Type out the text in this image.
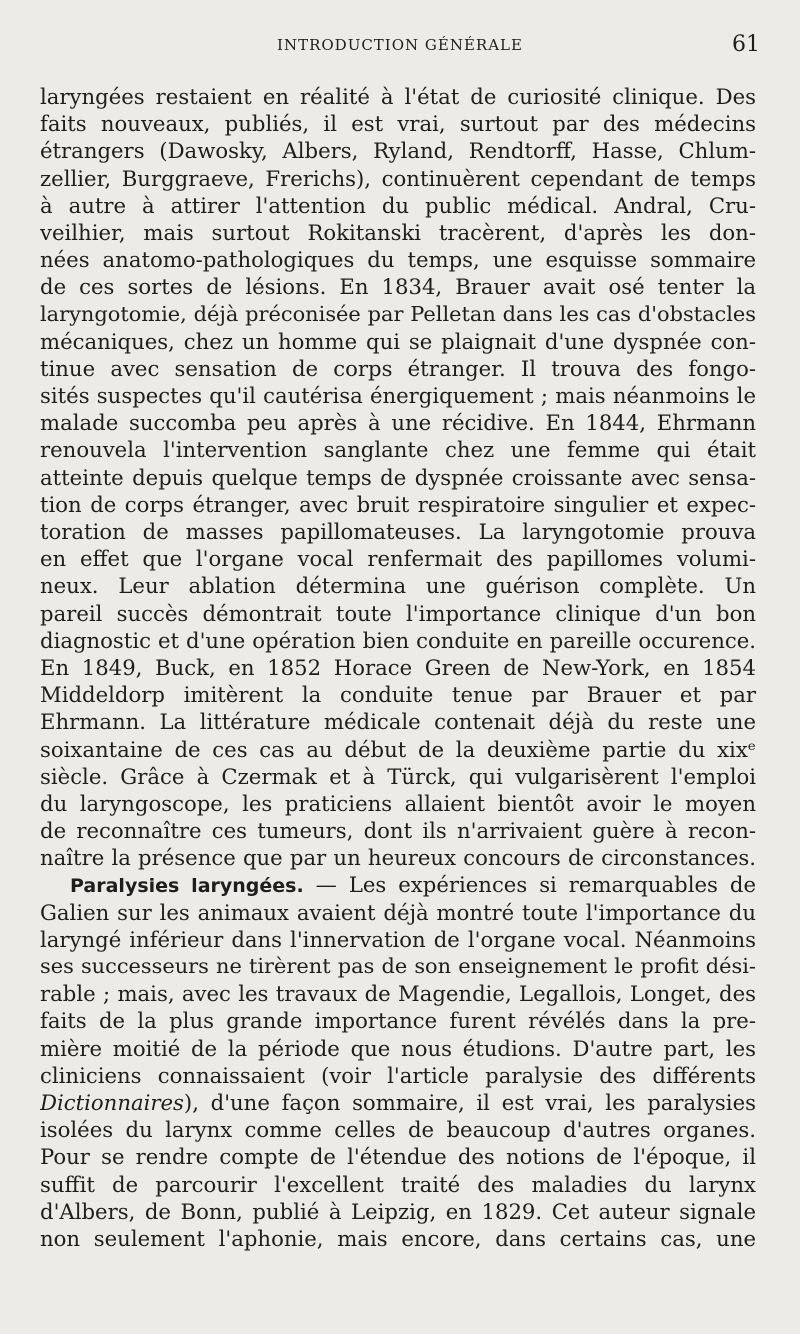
INTRODUCTION GÉNÉRALE	61
laryngées restaient en réalité à l'état de curiosité clinique. Des
faits nouveaux, publiés, il est vrai, surtout par des médecins
étrangers (Dawosky, Albers, Ryland, Rendtorff, Hasse, Chlum-
zellier, Burggraeve, Frerichs), continuèrent cependant de temps
à autre à attirer l'attention du public médical. Andral, Cru-
veilhier, mais surtout Rokitanski tracèrent, d'après les don-
nées anatomo-pathologiques du temps, une esquisse sommaire
de ces sortes de lésions. En 1834, Brauer avait osé tenter la
laryngotomie, déjà préconisée par Pelletan dans les cas d'obstacles
mécaniques, chez un homme qui se plaignait d'une dyspnée con-
tinue avec sensation de corps étranger. Il trouva des fongo-
sités suspectes qu'il cautérisa énergiquement ; mais néanmoins le
malade succomba peu après à une récidive. En 1844, Ehrmann
renouvela l'intervention sanglante chez une femme qui était
atteinte depuis quelque temps de dyspnée croissante avec sensa-
tion de corps étranger, avec bruit respiratoire singulier et expec-
toration de masses papillomateuses. La laryngotomie prouva
en effet que l'organe vocal renfermait des papillomes volumi-
neux. Leur ablation détermina une guérison complète. Un
pareil succès démontrait toute l'importance clinique d'un bon
diagnostic et d'une opération bien conduite en pareille occurence.
En 1849, Buck, en 1852 Horace Green de New-York, en 1854
Middeldorp imitèrent la conduite tenue par Brauer et par
Ehrmann. La littérature médicale contenait déjà du reste une
soixantaine de ces cas au début de la deuxième partie du xixᵉ
siècle. Grâce à Czermak et à Türck, qui vulgarisèrent l'emploi
du laryngoscope, les praticiens allaient bientôt avoir le moyen
de reconnaître ces tumeurs, dont ils n'arrivaient guère à recon-
naître la présence que par un heureux concours de circonstances.
Paralysies laryngées. — Les expériences si remarquables de
Galien sur les animaux avaient déjà montré toute l'importance du
laryngé inférieur dans l'innervation de l'organe vocal. Néanmoins
ses successeurs ne tirèrent pas de son enseignement le profit dési-
rable ; mais, avec les travaux de Magendie, Legallois, Longet, des
faits de la plus grande importance furent révélés dans la pre-
mière moitié de la période que nous étudions. D'autre part, les
cliniciens connaissaient (voir l'article paralysie des différents
Dictionnaires), d'une façon sommaire, il est vrai, les paralysies
isolées du larynx comme celles de beaucoup d'autres organes.
Pour se rendre compte de l'étendue des notions de l'époque, il
suffit de parcourir l'excellent traité des maladies du larynx
d'Albers, de Bonn, publié à Leipzig, en 1829. Cet auteur signale
non seulement l'aphonie, mais encore, dans certains cas, une
